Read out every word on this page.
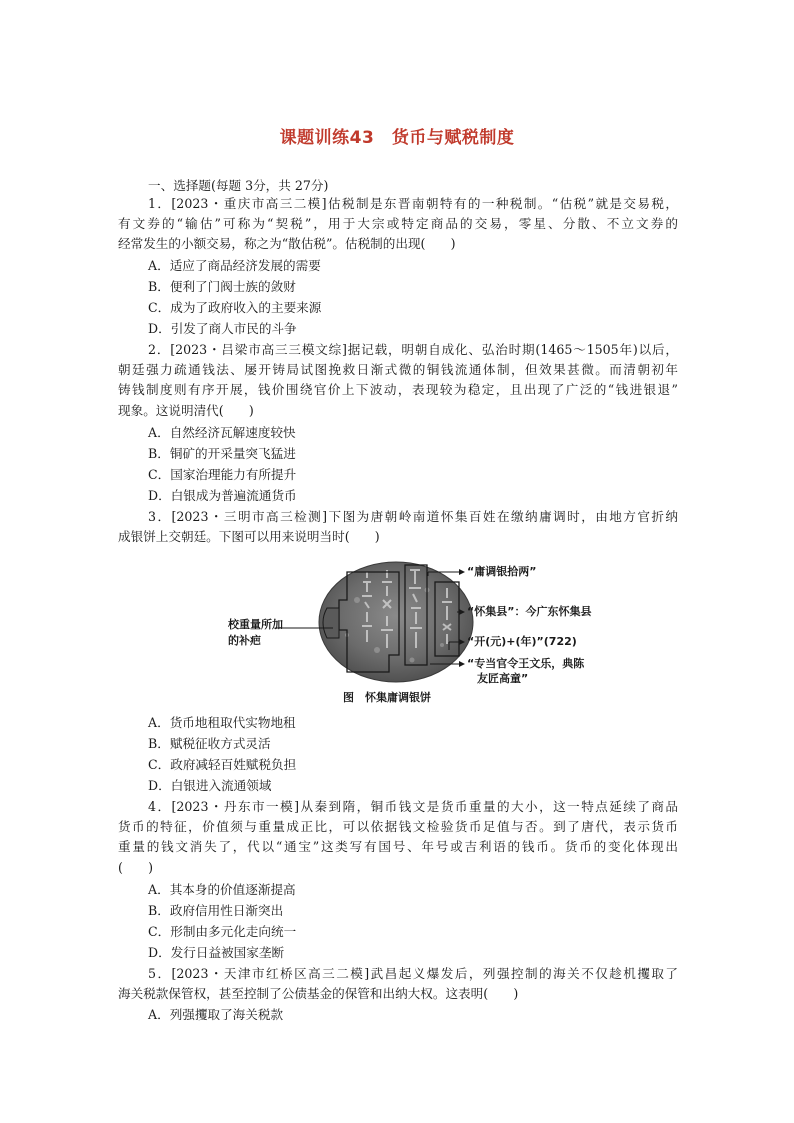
课题训练43　货币与赋税制度
一、选择题(每题 3分，共 27分)
1．[2023・重庆市高三二模]估税制是东晋南朝特有的一种税制。“估税”就是交易税，
有文券的“输估”可称为“契税”，用于大宗或特定商品的交易，零星、分散、不立文券的
经常发生的小额交易，称之为“散估税”。估税制的出现(　　)
A．适应了商品经济发展的需要
B．便利了门阀士族的敛财
C．成为了政府收入的主要来源
D．引发了商人市民的斗争
2．[2023・吕梁市高三三模文综]据记载，明朝自成化、弘治时期(1465～1505年)以后，
朝廷强力疏通钱法、屡开铸局试图挽救日渐式微的铜钱流通体制，但效果甚微。而清朝初年
铸钱制度则有序开展，钱价围绕官价上下波动，表现较为稳定，且出现了广泛的“钱进银退”
现象。这说明清代(　　)
A．自然经济瓦解速度较快
B．铜矿的开采量突飞猛进
C．国家治理能力有所提升
D．白银成为普遍流通货币
3．[2023・三明市高三检测]下图为唐朝岭南道怀集百姓在缴纳庸调时，由地方官折纳
成银饼上交朝廷。下图可以用来说明当时(　　)
校重量所加
的补疤
“庸调银拾两”
“怀集县”：今广东怀集县
“开(元)+(年)”(722)
“专当官令王文乐，典陈
友匠高童”
图　怀集庸调银饼
A．货币地租取代实物地租
B．赋税征收方式灵活
C．政府减轻百姓赋税负担
D．白银进入流通领域
4．[2023・丹东市一模]从秦到隋，铜币钱文是货币重量的大小，这一特点延续了商品
货币的特征，价值须与重量成正比，可以依据钱文检验货币足值与否。到了唐代，表示货币
重量的钱文消失了，代以“通宝”这类写有国号、年号或吉利语的钱币。货币的变化体现出
(　　)
A．其本身的价值逐渐提高
B．政府信用性日渐突出
C．形制由多元化走向统一
D．发行日益被国家垄断
5．[2023・天津市红桥区高三二模]武昌起义爆发后，列强控制的海关不仅趁机攫取了
海关税款保管权，甚至控制了公债基金的保管和出纳大权。这表明(　　)
A．列强攫取了海关税款
